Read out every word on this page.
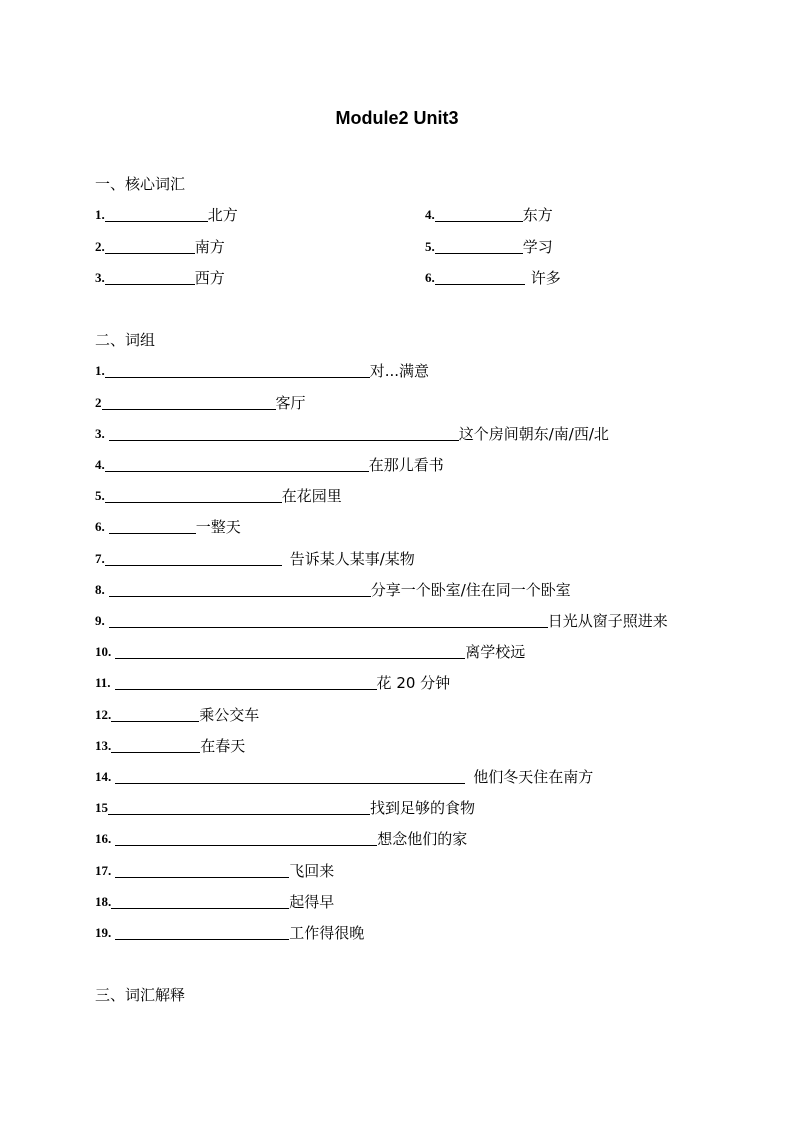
Module2 Unit3
一、核心词汇
1.	北方
2.	南方
3.	西方
4.	东方
5.	学习
6.	许多
二、词组
1.	对...满意
2	客厅
3.	这个房间朝东/南/西/北
4.	在那儿看书
5.	在花园里
6.	一整天
7.	告诉某人某事/某物
8.	分享一个卧室/住在同一个卧室
9.	日光从窗子照进来
10.	离学校远
11.	花 20 分钟
12.	乘公交车
13.	在春天
14.	他们冬天住在南方
15	找到足够的食物
16.	想念他们的家
17.	飞回来
18.	起得早
19.	工作得很晚
三、词汇解释
